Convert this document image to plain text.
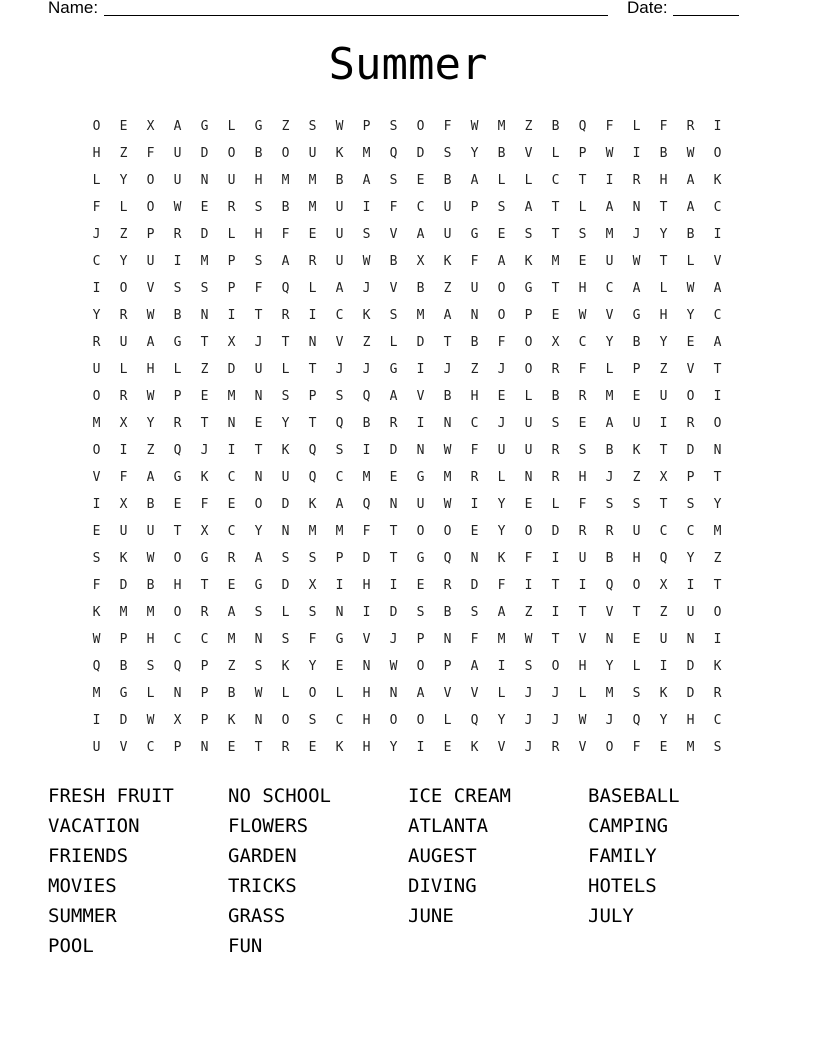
Name:	Date:
Summer
O	E	X	A	G	L	G	Z	S	W	P	S	O	F	W	M	Z	B	Q	F	L	F	R	I
H	Z	F	U	D	O	B	O	U	K	M	Q	D	S	Y	B	V	L	P	W	I	B	W	O
L	Y	O	U	N	U	H	M	M	B	A	S	E	B	A	L	L	C	T	I	R	H	A	K
F	L	O	W	E	R	S	B	M	U	I	F	C	U	P	S	A	T	L	A	N	T	A	C
J	Z	P	R	D	L	H	F	E	U	S	V	A	U	G	E	S	T	S	M	J	Y	B	I
C	Y	U	I	M	P	S	A	R	U	W	B	X	K	F	A	K	M	E	U	W	T	L	V
I	O	V	S	S	P	F	Q	L	A	J	V	B	Z	U	O	G	T	H	C	A	L	W	A
Y	R	W	B	N	I	T	R	I	C	K	S	M	A	N	O	P	E	W	V	G	H	Y	C
R	U	A	G	T	X	J	T	N	V	Z	L	D	T	B	F	O	X	C	Y	B	Y	E	A
U	L	H	L	Z	D	U	L	T	J	J	G	I	J	Z	J	O	R	F	L	P	Z	V	T
O	R	W	P	E	M	N	S	P	S	Q	A	V	B	H	E	L	B	R	M	E	U	O	I
M	X	Y	R	T	N	E	Y	T	Q	B	R	I	N	C	J	U	S	E	A	U	I	R	O
O	I	Z	Q	J	I	T	K	Q	S	I	D	N	W	F	U	U	R	S	B	K	T	D	N
V	F	A	G	K	C	N	U	Q	C	M	E	G	M	R	L	N	R	H	J	Z	X	P	T
I	X	B	E	F	E	O	D	K	A	Q	N	U	W	I	Y	E	L	F	S	S	T	S	Y
E	U	U	T	X	C	Y	N	M	M	F	T	O	O	E	Y	O	D	R	R	U	C	C	M
S	K	W	O	G	R	A	S	S	P	D	T	G	Q	N	K	F	I	U	B	H	Q	Y	Z
F	D	B	H	T	E	G	D	X	I	H	I	E	R	D	F	I	T	I	Q	O	X	I	T
K	M	M	O	R	A	S	L	S	N	I	D	S	B	S	A	Z	I	T	V	T	Z	U	O
W	P	H	C	C	M	N	S	F	G	V	J	P	N	F	M	W	T	V	N	E	U	N	I
Q	B	S	Q	P	Z	S	K	Y	E	N	W	O	P	A	I	S	O	H	Y	L	I	D	K
M	G	L	N	P	B	W	L	O	L	H	N	A	V	V	L	J	J	L	M	S	K	D	R
I	D	W	X	P	K	N	O	S	C	H	O	O	L	Q	Y	J	J	W	J	Q	Y	H	C
U	V	C	P	N	E	T	R	E	K	H	Y	I	E	K	V	J	R	V	O	F	E	M	S
FRESH FRUIT	NO SCHOOL	ICE CREAM	BASEBALL
VACATION	FLOWERS	ATLANTA	CAMPING
FRIENDS	GARDEN	AUGEST	FAMILY
MOVIES	TRICKS	DIVING	HOTELS
SUMMER	GRASS	JUNE	JULY
POOL	FUN
